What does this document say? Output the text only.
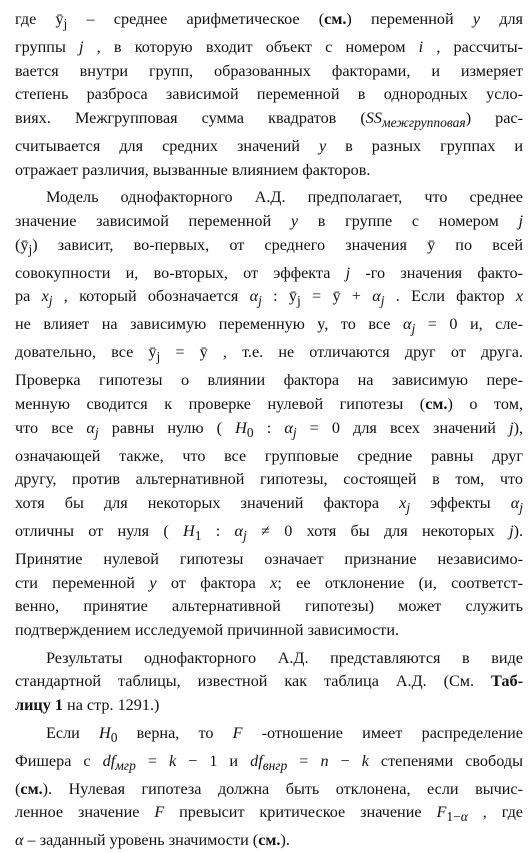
где $ȳ_j$ – среднее арифметическое (см.) переменной y для
группы j , в которую входит объект с номером i , рассчиты-
вается внутри групп, образованных факторами, и измеряет
степень разброса зависимой переменной в однородных усло-
виях. Межгрупповая сумма квадратов $(SS_{межгрупповая})$ рас-
считывается для средних значений y в разных группах и
отражает различия, вызванные влиянием факторов.
Модель однофакторного А.Д. предполагает, что среднее
значение зависимой переменной y в группе с номером j
$(ȳ_j)$ зависит, во-первых, от среднего значения ȳ по всей
совокупности и, во-вторых, от эффекта j -го значения факто-
ра $x_j$ , который обозначается $\alpha_j$ : $ȳ_j$ = ȳ + $\alpha_j$ . Если фактор x
не влияет на зависимую переменную y, то все $\alpha_j = 0$ и, сле-
довательно, все $ȳ_j$ = ȳ , т.е. не отличаются друг от друга.
Проверка гипотезы о влиянии фактора на зависимую пере-
менную сводится к проверке нулевой гипотезы (см.) о том,
что все $\alpha_j$ равны нулю ( $H_0$ : $\alpha_j = 0$ для всех значений j),
означающей также, что все групповые средние равны друг
другу, против альтернативной гипотезы, состоящей в том, что
хотя бы для некоторых значений фактора $x_j$ эффекты $\alpha_j$
отличны от нуля ( $H_1$ : $\alpha_j \ne 0$ хотя бы для некоторых j).
Принятие нулевой гипотезы означает признание независимо-
сти переменной y от фактора x; ее отклонение (и, соответст-
венно, принятие альтернативной гипотезы) может служить
подтверждением исследуемой причинной зависимости.
Результаты однофакторного А.Д. представляются в виде
стандартной таблицы, известной как таблица А.Д. (См. Таб-
лицу 1 на стр. 1291.)
Если $H_0$ верна, то F -отношение имеет распределение
Фишера с $df_{мгр} = k - 1$ и $df_{внгр} = n - k$ степенями свободы
(см.). Нулевая гипотеза должна быть отклонена, если вычис-
ленное значение F превысит критическое значение $F_{1-\alpha}$ , где
α – заданный уровень значимости (см.).
